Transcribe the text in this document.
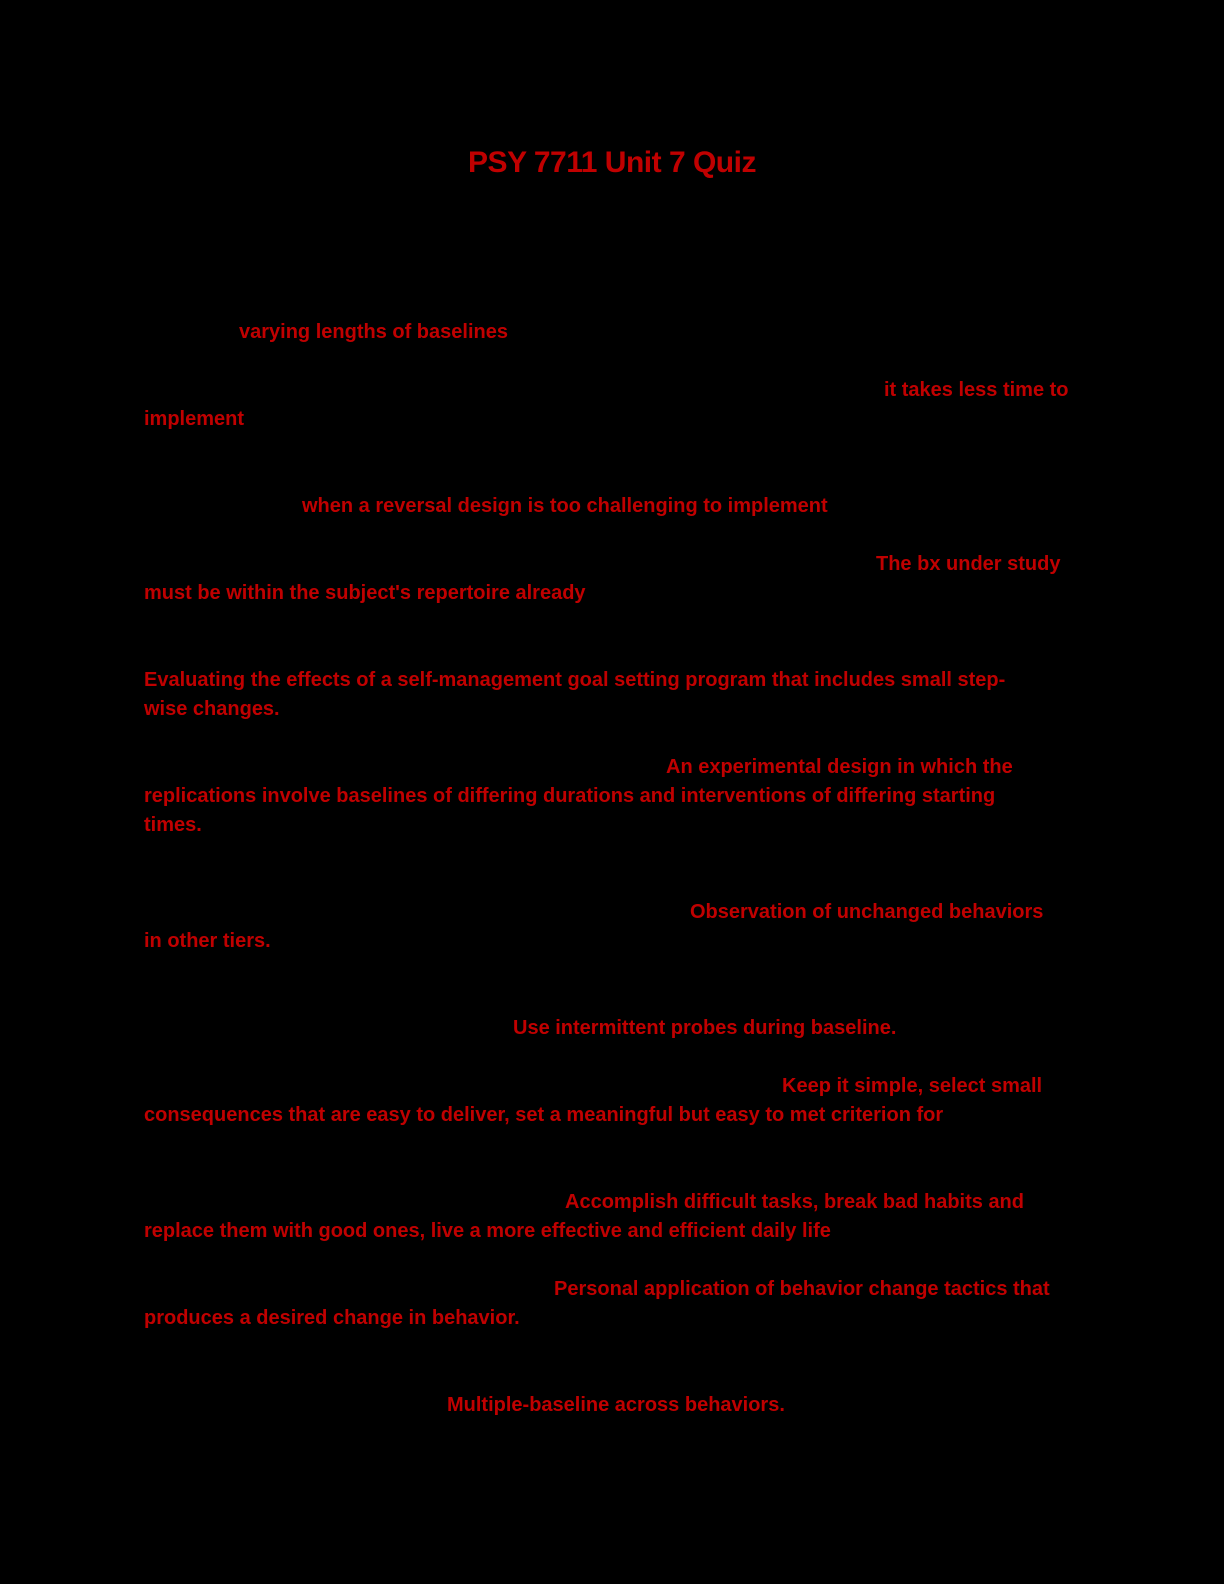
PSY 7711 Unit 7 Quiz
varying lengths of baselines
it takes less time to
implement
when a reversal design is too challenging to implement
The bx under study
must be within the subject's repertoire already
Evaluating the effects of a self-management goal setting program that includes small step-
wise changes.
An experimental design in which the
replications involve baselines of differing durations and interventions of differing starting
times.
Observation of unchanged behaviors
in other tiers.
Use intermittent probes during baseline.
Keep it simple, select small
consequences that are easy to deliver, set a meaningful but easy to met criterion for
Accomplish difficult tasks, break bad habits and
replace them with good ones, live a more effective and efficient daily life
Personal application of behavior change tactics that
produces a desired change in behavior.
Multiple-baseline across behaviors.
